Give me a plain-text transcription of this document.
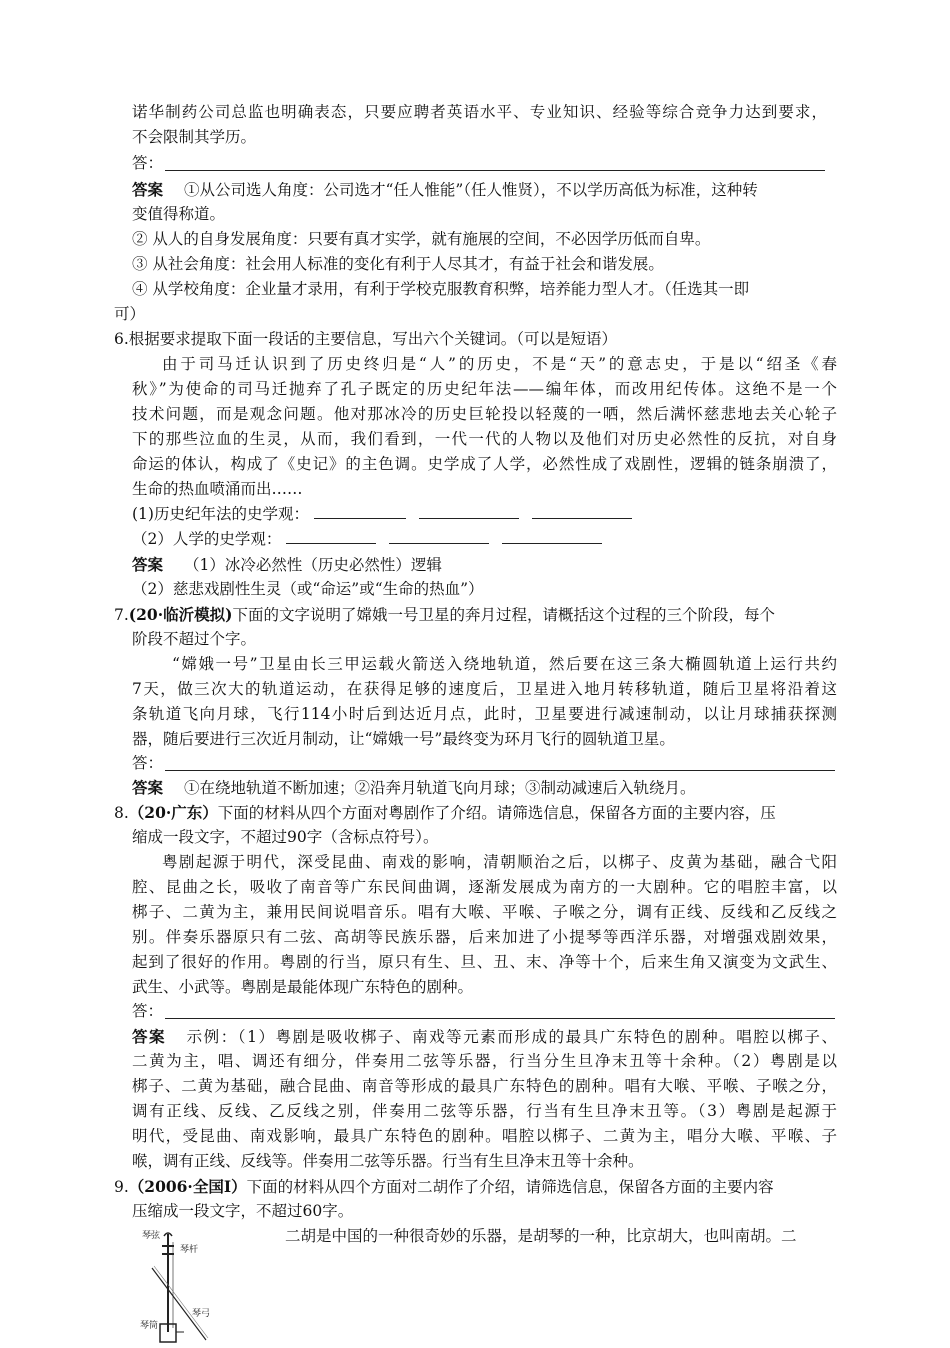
诺华制药公司总监也明确表态，只要应聘者英语水平、专业知识、经验等综合竞争力达到要求，
不会限制其学历。
答：
答案 ①从公司选人角度：公司选才“任人惟能”（任人惟贤），不以学历高低为标准，这种转
变值得称道。
② 从人的自身发展角度：只要有真才实学，就有施展的空间，不必因学历低而自卑。
③ 从社会角度：社会用人标准的变化有利于人尽其才，有益于社会和谐发展。
④ 从学校角度：企业量才录用，有利于学校克服教育积弊，培养能力型人才。（任选其一即
可）
6.根据要求提取下面一段话的主要信息，写出六个关键词。（可以是短语）
由于司马迁认识到了历史终归是“人”的历史，不是“天”的意志史，于是以“绍圣《春
秋》”为使命的司马迁抛弃了孔子既定的历史纪年法——编年体，而改用纪传体。这绝不是一个
技术问题，而是观念问题。他对那冰冷的历史巨轮投以轻蔑的一哂，然后满怀慈悲地去关心轮子
下的那些泣血的生灵，从而，我们看到，一代一代的人物以及他们对历史必然性的反抗，对自身
命运的体认，构成了《史记》的主色调。史学成了人学，必然性成了戏剧性，逻辑的链条崩溃了，
生命的热血喷涌而出……
(1)历史纪年法的史学观：
（2）人学的史学观：
答案 （1）冰冷必然性（历史必然性）逻辑
（2）慈悲戏剧性生灵（或“命运”或“生命的热血”）
7.(20·临沂模拟)下面的文字说明了嫦娥一号卫星的奔月过程，请概括这个过程的三个阶段，每个
阶段不超过个字。
“嫦娥一号”卫星由长三甲运载火箭送入绕地轨道，然后要在这三条大椭圆轨道上运行共约
7天，做三次大的轨道运动，在获得足够的速度后，卫星进入地月转移轨道，随后卫星将沿着这
条轨道飞向月球，飞行114小时后到达近月点，此时，卫星要进行减速制动，以让月球捕获探测
器，随后要进行三次近月制动，让“嫦娥一号”最终变为环月飞行的圆轨道卫星。
答：
答案 ①在绕地轨道不断加速；②沿奔月轨道飞向月球；③制动减速后入轨绕月。
8.（20·广东）下面的材料从四个方面对粤剧作了介绍。请筛选信息，保留各方面的主要内容，压
缩成一段文字，不超过90字（含标点符号）。
粤剧起源于明代，深受昆曲、南戏的影响，清朝顺治之后，以梆子、皮黄为基础，融合弋阳
腔、昆曲之长，吸收了南音等广东民间曲调，逐渐发展成为南方的一大剧种。它的唱腔丰富，以
梆子、二黄为主，兼用民间说唱音乐。唱有大喉、平喉、子喉之分，调有正线、反线和乙反线之
别。伴奏乐器原只有二弦、高胡等民族乐器，后来加进了小提琴等西洋乐器，对增强戏剧效果，
起到了很好的作用。粤剧的行当，原只有生、旦、丑、末、净等十个，后来生角又演变为文武生、
武生、小武等。粤剧是最能体现广东特色的剧种。
答：
答案 示例：（1）粤剧是吸收梆子、南戏等元素而形成的最具广东特色的剧种。唱腔以梆子、
二黄为主，唱、调还有细分，伴奏用二弦等乐器，行当分生旦净末丑等十余种。（2）粤剧是以
梆子、二黄为基础，融合昆曲、南音等形成的最具广东特色的剧种。唱有大喉、平喉、子喉之分，
调有正线、反线、乙反线之别，伴奏用二弦等乐器，行当有生旦净末丑等。（3）粤剧是起源于
明代，受昆曲、南戏影响，最具广东特色的剧种。唱腔以梆子、二黄为主，唱分大喉、平喉、子
喉，调有正线、反线等。伴奏用二弦等乐器。行当有生旦净末丑等十余种。
9.（2006·全国Ⅰ）下面的材料从四个方面对二胡作了介绍，请筛选信息，保留各方面的主要内容
压缩成一段文字，不超过60字。
二胡是中国的一种很奇妙的乐器，是胡琴的一种，比京胡大，也叫南胡。二
琴弦
琴杆
琴弓
琴筒
